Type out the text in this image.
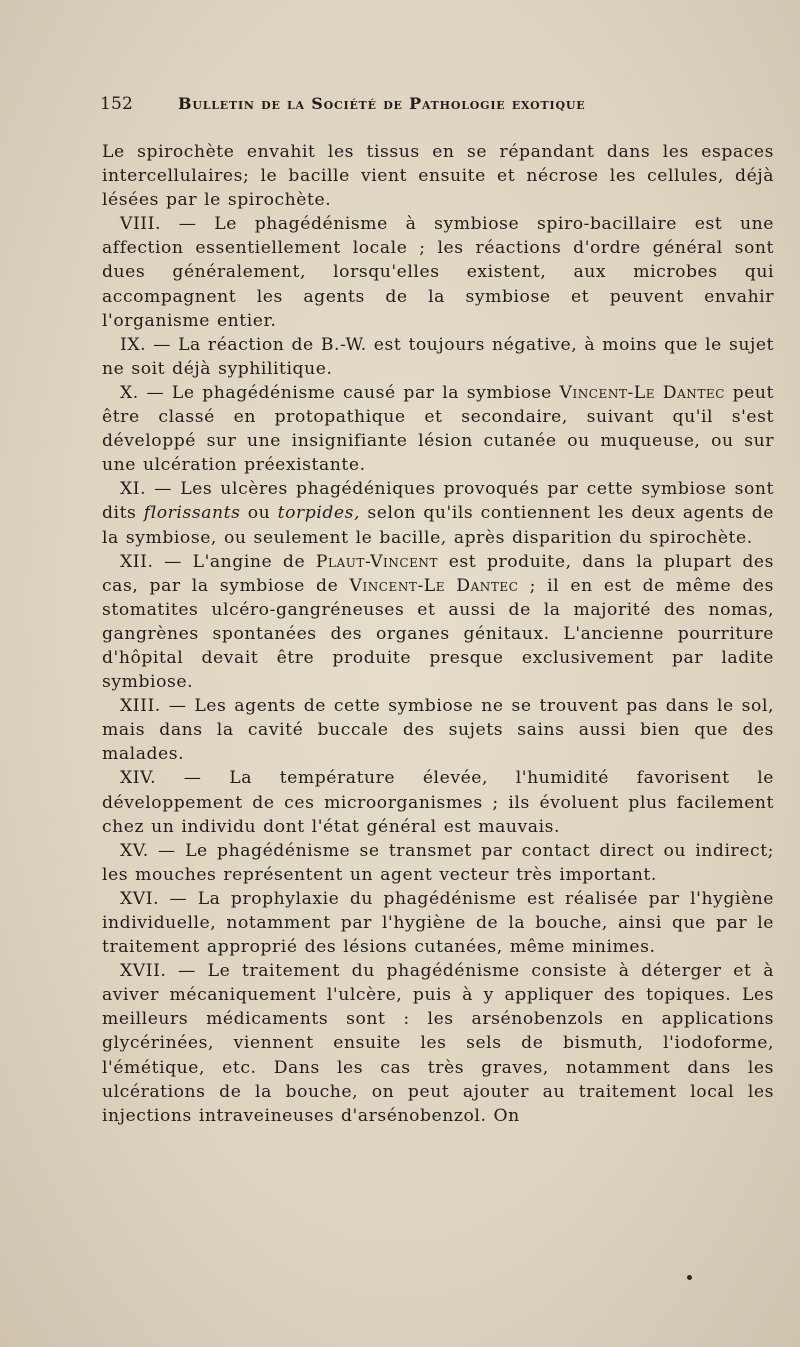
152	Bulletin de la Société de Pathologie exotique

Le spirochète envahit les tissus en se répandant dans les espaces intercellulaires; le bacille vient ensuite et nécrose les cellules, déjà lésées par le spirochète.

VIII. — Le phagédénisme à symbiose spiro-bacillaire est une affection essentiellement locale ; les réactions d'ordre général sont dues généralement, lorsqu'elles existent, aux microbes qui accompagnent les agents de la symbiose et peuvent envahir l'organisme entier.

IX. — La réaction de B.-W. est toujours négative, à moins que le sujet ne soit déjà syphilitique.

X. — Le phagédénisme causé par la symbiose Vincent-Le Dantec peut être classé en protopathique et secondaire, suivant qu'il s'est développé sur une insignifiante lésion cutanée ou muqueuse, ou sur une ulcération préexistante.

XI. — Les ulcères phagédéniques provoqués par cette symbiose sont dits florissants ou torpides, selon qu'ils contiennent les deux agents de la symbiose, ou seulement le bacille, après disparition du spirochète.

XII. — L'angine de Plaut-Vincent est produite, dans la plupart des cas, par la symbiose de Vincent-Le Dantec ; il en est de même des stomatites ulcéro-gangréneuses et aussi de la majorité des nomas, gangrènes spontanées des organes génitaux. L'ancienne pourriture d'hôpital devait être produite presque exclusivement par ladite symbiose.

XIII. — Les agents de cette symbiose ne se trouvent pas dans le sol, mais dans la cavité buccale des sujets sains aussi bien que des malades.

XIV. — La température élevée, l'humidité favorisent le développement de ces microorganismes ; ils évoluent plus facilement chez un individu dont l'état général est mauvais.

XV. — Le phagédénisme se transmet par contact direct ou indirect; les mouches représentent un agent vecteur très important.

XVI. — La prophylaxie du phagédénisme est réalisée par l'hygiène individuelle, notamment par l'hygiène de la bouche, ainsi que par le traitement approprié des lésions cutanées, même minimes.

XVII. — Le traitement du phagédénisme consiste à déterger et à aviver mécaniquement l'ulcère, puis à y appliquer des topiques. Les meilleurs médicaments sont : les arsénobenzols en applications glycérinées, viennent ensuite les sels de bismuth, l'iodoforme, l'émétique, etc. Dans les cas très graves, notamment dans les ulcérations de la bouche, on peut ajouter au traitement local les injections intraveineuses d'arsénobenzol. On
